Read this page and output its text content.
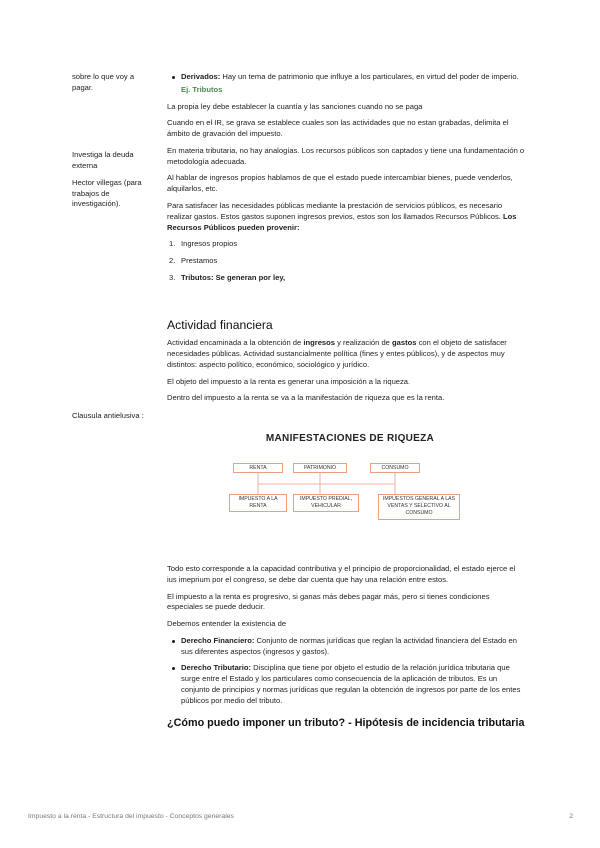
sobre lo que voy a pagar.
Investiga la deuda externa
Hector villegas (para trabajos de investigación).
Clausula antielusiva :
Derivados: Hay un tema de patrimonio que influye a los particulares, en virtud del poder de imperio.

Ej. Tributos

La propia ley debe establecer la cuantía y las sanciones cuando no se paga

Cuando en el IR, se grava se establece cuales son las actividades que no estan grabadas, delimita el ámbito de gravación del impuesto.

En materia tributaria, no hay analogías. Los recursos públicos son captados y tiene una fundamentación o metodología adecuada.

Al hablar de ingresos propios hablamos de que el estado puede intercambiar bienes, puede venderlos, alquilarlos, etc.

Para satisfacer las necesidades públicas mediante la prestación de servicios públicos, es necesario realizar gastos. Estos gastos suponen ingresos previos, estos son los llamados Recursos Públicos. Los Recursos Públicos pueden provenir:

1. Ingresos propios
2. Prestamos
3. Tributos: Se generan por ley,
Actividad financiera

Actividad encaminada a la obtención de ingresos y realización de gastos con el objeto de satisfacer necesidades públicas. Actividad sustancialmente política (fines y entes públicos), y de aspectos muy distintos: aspecto político, económico, sociológico y jurídico.

El objeto del impuesto a la renta es generar una imposición a la riqueza.

Dentro del impuesto a la renta se va a la manifestación de riqueza que es la renta.

MANIFESTACIONES DE RIQUEZA
RENTA	PATRIMONIO	CONSUMO
IMPUESTO A LA RENTA
IMPUESTO PREDIAL, VEHICULAR
IMPUESTOS GENERAL A LAS VENTAS Y SELECTIVO AL CONSUMO

Todo esto corresponde a la capacidad contributiva y el principio de proporcionalidad, el estado ejerce el ius imeprium por el congreso, se debe dar cuenta que hay una relación entre estos.

El impuesto a la renta es progresivo, si ganas más debes pagar más, pero si tienes condiciones especiales se puede deducir.

Debemos entender la existencia de

Derecho Financiero: Conjunto de normas jurídicas que reglan la actividad financiera del Estado en sus diferentes aspectos (ingresos y gastos).
Derecho Tributario: Disciplina que tiene por objeto el estudio de la relación jurídica tributaria que surge entre el Estado y los particulares como consecuencia de la aplicación de tributos. Es un conjunto de principios y normas jurídicas que regulan la obtención de ingresos por parte de los entes públicos por medio del tributo.
¿Cómo puedo imponer un tributo? - Hipótesis de incidencia tributaria
Impuesto a la renta - Estructura del impuesto - Conceptos generales	2
